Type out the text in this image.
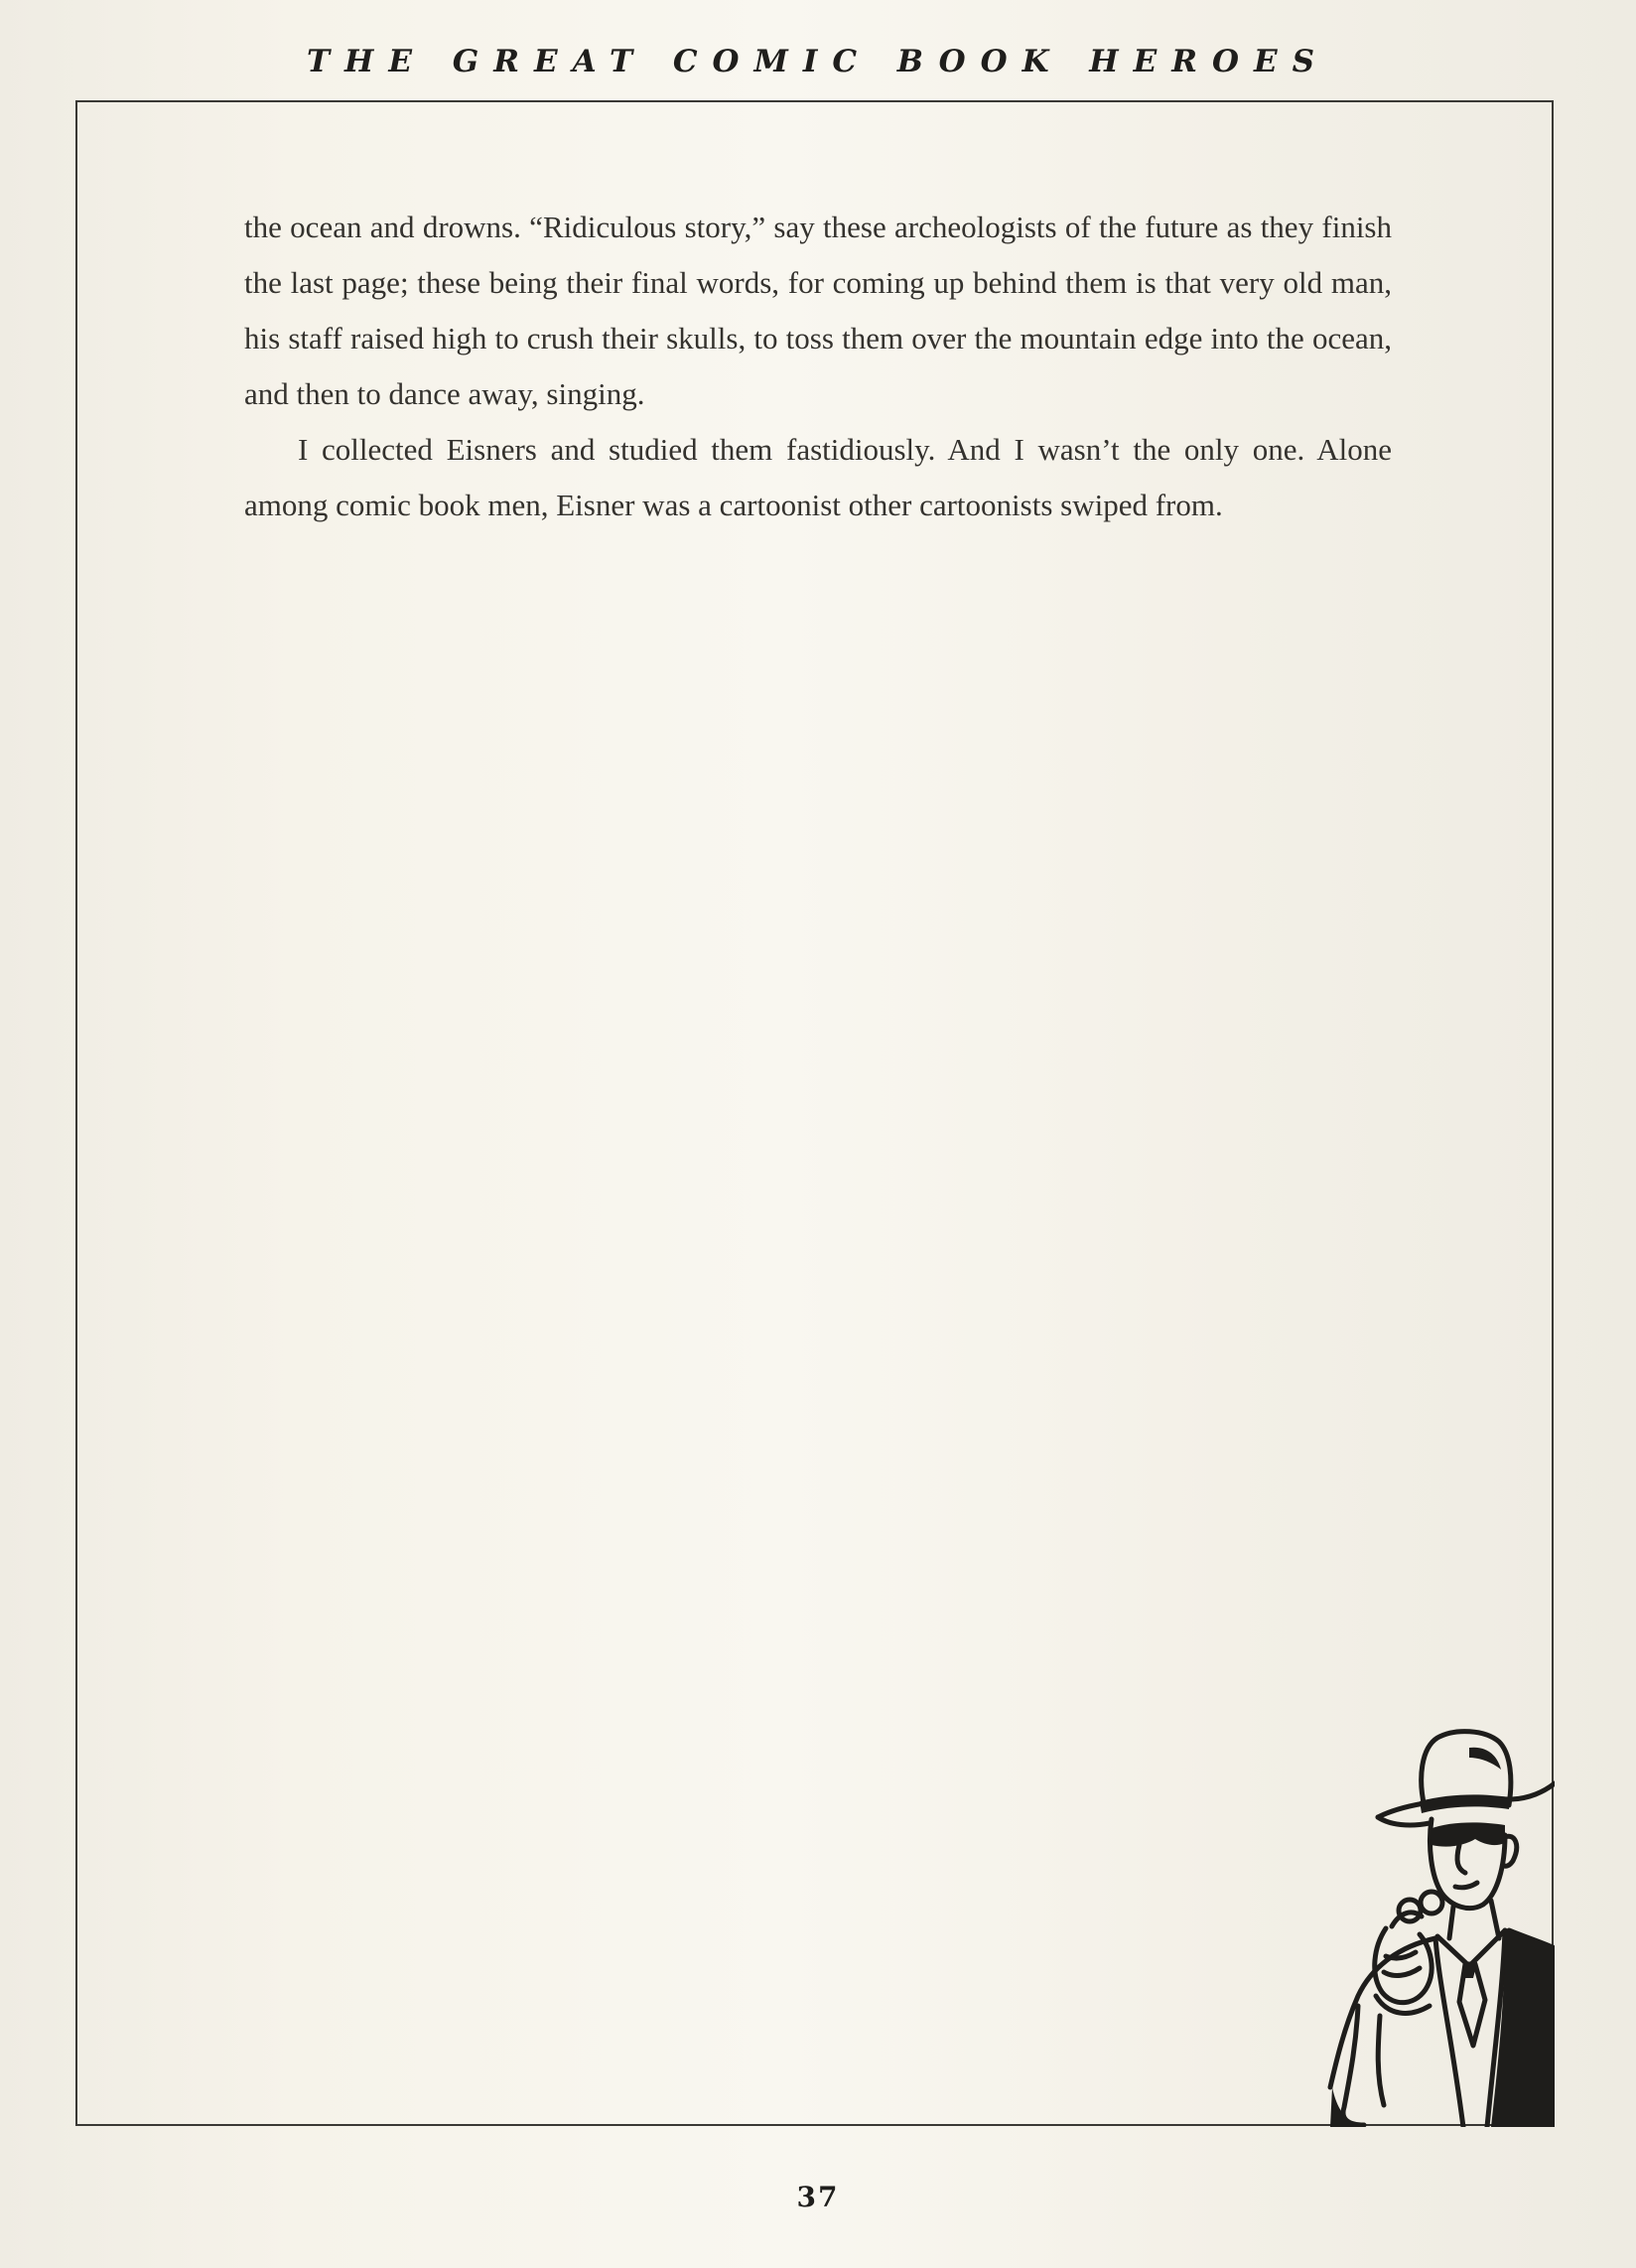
THE GREAT COMIC BOOK HEROES

the ocean and drowns. “Ridiculous story,” say these archeologists of the future as they finish the last page; these being their final words, for coming up behind them is that very old man, his staff raised high to crush their skulls, to toss them over the mountain edge into the ocean, and then to dance away, singing.

I collected Eisners and studied them fastidiously. And I wasn’t the only one. Alone among comic book men, Eisner was a cartoonist other cartoonists swiped from.

37
